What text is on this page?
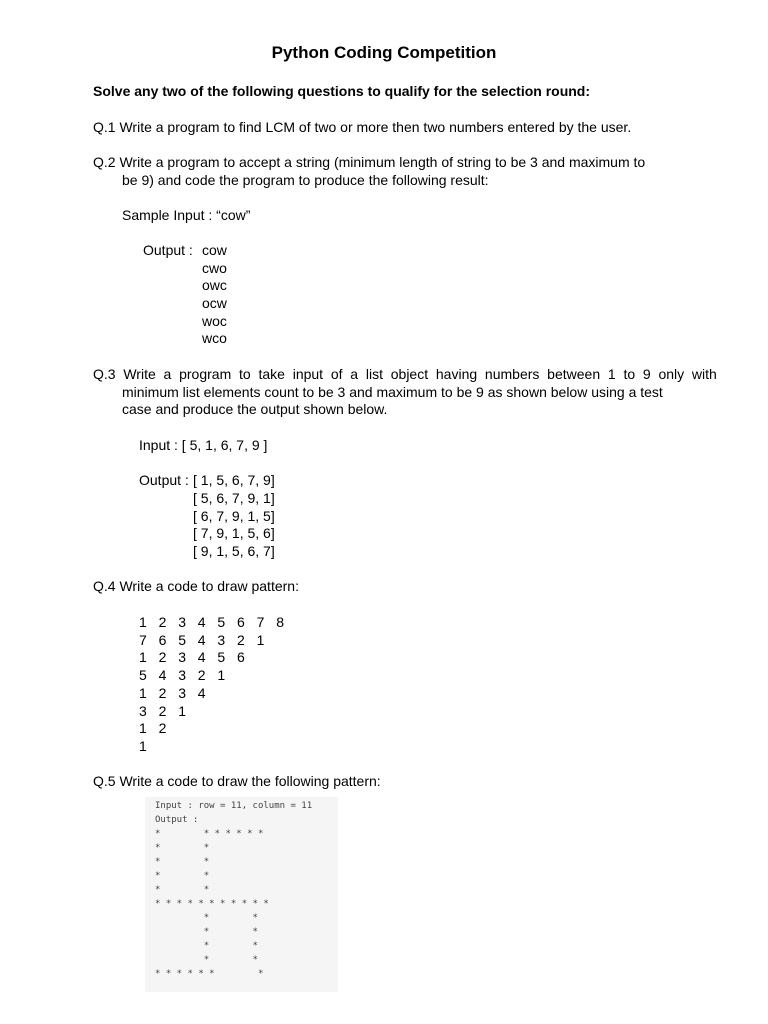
Python Coding Competition
Solve any two of the following questions to qualify for the selection round:
Q.1 Write a program to find LCM of two or more then two numbers entered by the user.
Q.2 Write a program to accept a string (minimum length of string to be 3 and maximum to
be 9) and code the program to produce the following result:
Sample Input : “cow”
Output : cow
cwo
owc
ocw
woc
wco
Q.3  Write  a  program  to  take  input  of  a  list  object  having  numbers  between  1  to  9  only  with
minimum list elements count to be 3 and maximum to be 9 as shown below using a test
case and produce the output shown below.
Input : [ 5, 1, 6, 7, 9 ]
Output : [ 1, 5, 6, 7, 9]
[ 5, 6, 7, 9, 1]
[ 6, 7, 9, 1, 5]
[ 7, 9, 1, 5, 6]
[ 9, 1, 5, 6, 7]
Q.4 Write a code to draw pattern:
1 2 3 4 5 6 7 8
7 6 5 4 3 2 1
1 2 3 4 5 6
5 4 3 2 1
1 2 3 4
3 2 1
1 2
1
Q.5 Write a code to draw the following pattern:
Input : row = 11, column = 11
Output :
*        * * * * * *
*        *
*        *
*        *
*        *
* * * * * * * * * * *
*        *
*        *
*        *
*        *
* * * * * *        *
